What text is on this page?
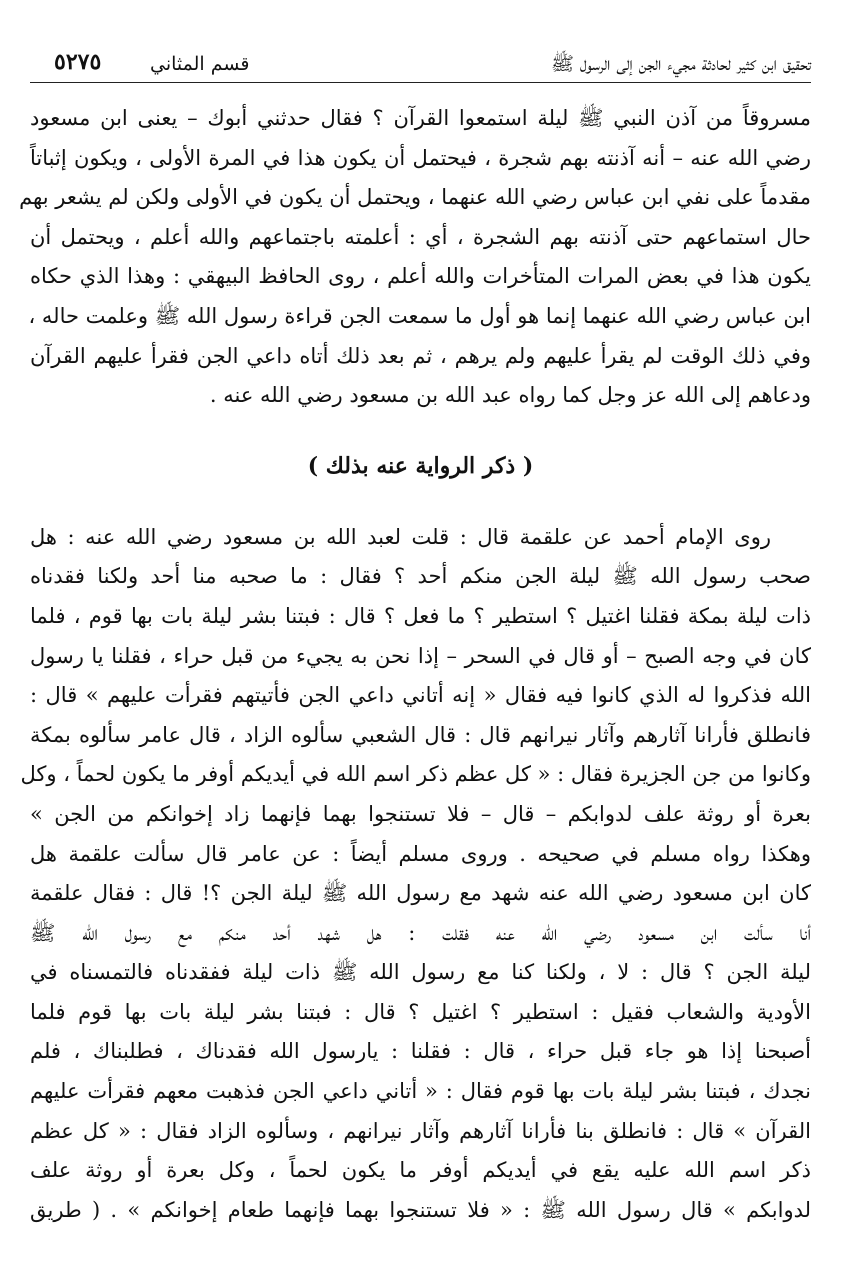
تحقيق ابن كثير لحادثة مجيء الجن إلى الرسول ﷺ
قسم المثاني
٥٢٧٥
مسروقاً من آذن النبي ﷺ ليلة استمعوا القرآن ؟ فقال حدثني أبوك – يعنى ابن مسعود
رضي الله عنه – أنه آذنته بهم شجرة ، فيحتمل أن يكون هذا في المرة الأولى ، ويكون إثباتاً
مقدماً على نفي ابن عباس رضي الله عنهما ، ويحتمل أن يكون في الأولى ولكن لم يشعر بهم
حال استماعهم حتى آذنته بهم الشجرة ، أي : أعلمته باجتماعهم والله أعلم ، ويحتمل أن
يكون هذا في بعض المرات المتأخرات والله أعلم ، روى الحافظ البيهقي : وهذا الذي حكاه
ابن عباس رضي الله عنهما إنما هو أول ما سمعت الجن قراءة رسول الله ﷺ وعلمت حاله ،
وفي ذلك الوقت لم يقرأ عليهم ولم يرهم ، ثم بعد ذلك أتاه داعي الجن فقرأ عليهم القرآن
ودعاهم إلى الله عز وجل كما رواه عبد الله بن مسعود رضي الله عنه .
( ذكر الرواية عنه بذلك )
روى الإمام أحمد عن علقمة قال : قلت لعبد الله بن مسعود رضي الله عنه : هل
صحب رسول الله ﷺ ليلة الجن منكم أحد ؟ فقال : ما صحبه منا أحد ولكنا فقدناه
ذات ليلة بمكة فقلنا اغتيل ؟ استطير ؟ ما فعل ؟ قال : فبتنا بشر ليلة بات بها قوم ، فلما
كان في وجه الصبح – أو قال في السحر – إذا نحن به يجيء من قبل حراء ، فقلنا يا رسول
الله فذكروا له الذي كانوا فيه فقال « إنه أتاني داعي الجن فأتيتهم فقرأت عليهم » قال :
فانطلق فأرانا آثارهم وآثار نيرانهم قال : قال الشعبي سألوه الزاد ، قال عامر سألوه بمكة
وكانوا من جن الجزيرة فقال : « كل عظم ذكر اسم الله في أيديكم أوفر ما يكون لحماً ، وكل
بعرة أو روثة علف لدوابكم – قال – فلا تستنجوا بهما فإنهما زاد إخوانكم من الجن »
وهكذا رواه مسلم في صحيحه . وروى مسلم أيضاً : عن عامر قال سألت علقمة هل
كان ابن مسعود رضي الله عنه شهد مع رسول الله ﷺ ليلة الجن ؟! قال : فقال علقمة
أنا سألت ابن مسعود رضي الله عنه فقلت : هل شهد أحد منكم مع رسول الله ﷺ
ليلة الجن ؟ قال : لا ، ولكنا كنا مع رسول الله ﷺ ذات ليلة ففقدناه فالتمسناه في
الأودية والشعاب فقيل : استطير ؟ اغتيل ؟ قال : فبتنا بشر ليلة بات بها قوم فلما
أصبحنا إذا هو جاء قبل حراء ، قال : فقلنا : يارسول الله فقدناك ، فطلبناك ، فلم
نجدك ، فبتنا بشر ليلة بات بها قوم فقال : « أتاني داعي الجن فذهبت معهم فقرأت عليهم
القرآن » قال : فانطلق بنا فأرانا آثارهم وآثار نيرانهم ، وسألوه الزاد فقال : « كل عظم
ذكر اسم الله عليه يقع في أيديكم أوفر ما يكون لحماً ، وكل بعرة أو روثة علف
لدوابكم » قال رسول الله ﷺ : « فلا تستنجوا بهما فإنهما طعام إخوانكم » . ( طريق
